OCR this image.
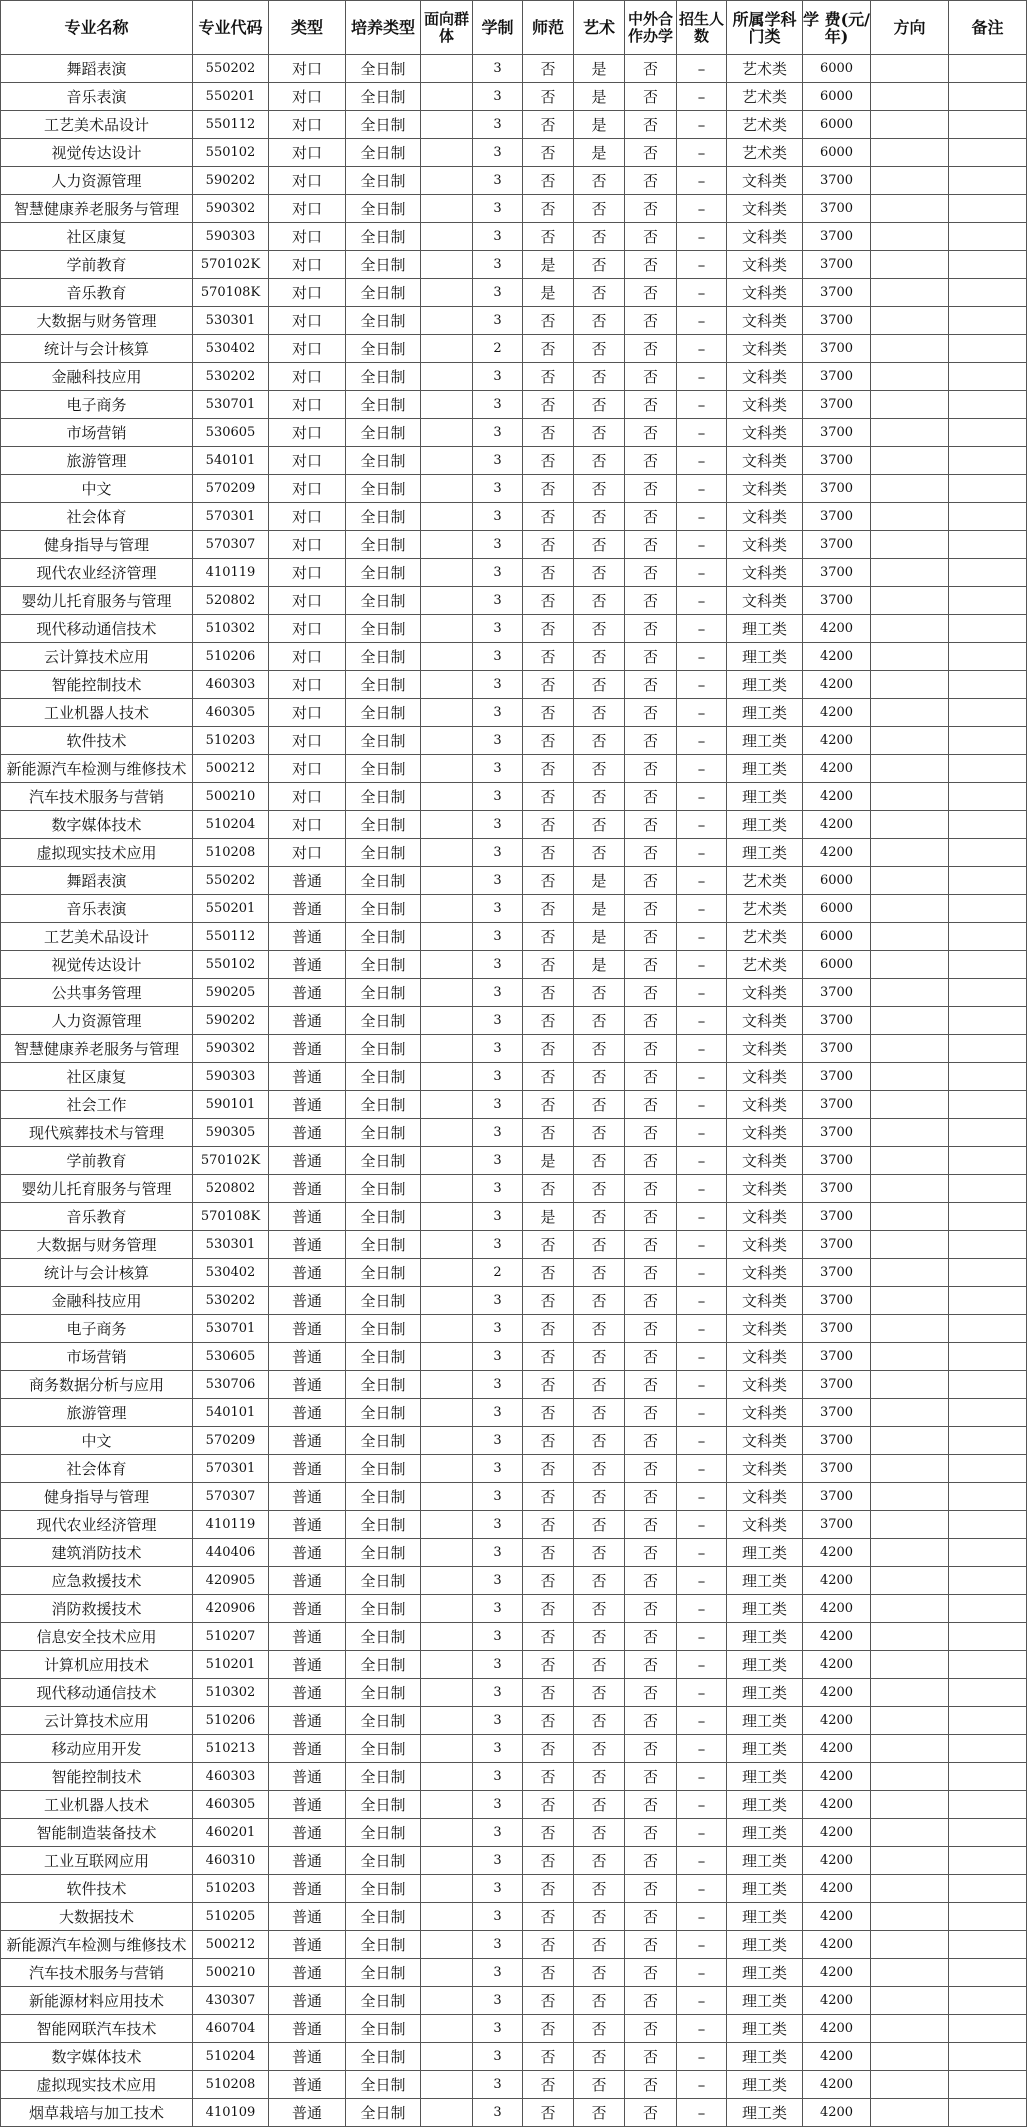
专业名称	专业代码	类型	培养类型	面向群体	学制	师范	艺术	中外合作办学	招生人数	所属学科门类	学 费(元/年)	方向	备注
舞蹈表演	550202	对口	全日制		3	否	是	否	–	艺术类	6000		
音乐表演	550201	对口	全日制		3	否	是	否	–	艺术类	6000		
工艺美术品设计	550112	对口	全日制		3	否	是	否	–	艺术类	6000		
视觉传达设计	550102	对口	全日制		3	否	是	否	–	艺术类	6000		
人力资源管理	590202	对口	全日制		3	否	否	否	–	文科类	3700		
智慧健康养老服务与管理	590302	对口	全日制		3	否	否	否	–	文科类	3700		
社区康复	590303	对口	全日制		3	否	否	否	–	文科类	3700		
学前教育	570102K	对口	全日制		3	是	否	否	–	文科类	3700		
音乐教育	570108K	对口	全日制		3	是	否	否	–	文科类	3700		
大数据与财务管理	530301	对口	全日制		3	否	否	否	–	文科类	3700		
统计与会计核算	530402	对口	全日制		2	否	否	否	–	文科类	3700		
金融科技应用	530202	对口	全日制		3	否	否	否	–	文科类	3700		
电子商务	530701	对口	全日制		3	否	否	否	–	文科类	3700		
市场营销	530605	对口	全日制		3	否	否	否	–	文科类	3700		
旅游管理	540101	对口	全日制		3	否	否	否	–	文科类	3700		
中文	570209	对口	全日制		3	否	否	否	–	文科类	3700		
社会体育	570301	对口	全日制		3	否	否	否	–	文科类	3700		
健身指导与管理	570307	对口	全日制		3	否	否	否	–	文科类	3700		
现代农业经济管理	410119	对口	全日制		3	否	否	否	–	文科类	3700		
婴幼儿托育服务与管理	520802	对口	全日制		3	否	否	否	–	文科类	3700		
现代移动通信技术	510302	对口	全日制		3	否	否	否	–	理工类	4200		
云计算技术应用	510206	对口	全日制		3	否	否	否	–	理工类	4200		
智能控制技术	460303	对口	全日制		3	否	否	否	–	理工类	4200		
工业机器人技术	460305	对口	全日制		3	否	否	否	–	理工类	4200		
软件技术	510203	对口	全日制		3	否	否	否	–	理工类	4200		
新能源汽车检测与维修技术	500212	对口	全日制		3	否	否	否	–	理工类	4200		
汽车技术服务与营销	500210	对口	全日制		3	否	否	否	–	理工类	4200		
数字媒体技术	510204	对口	全日制		3	否	否	否	–	理工类	4200		
虚拟现实技术应用	510208	对口	全日制		3	否	否	否	–	理工类	4200		
舞蹈表演	550202	普通	全日制		3	否	是	否	–	艺术类	6000		
音乐表演	550201	普通	全日制		3	否	是	否	–	艺术类	6000		
工艺美术品设计	550112	普通	全日制		3	否	是	否	–	艺术类	6000		
视觉传达设计	550102	普通	全日制		3	否	是	否	–	艺术类	6000		
公共事务管理	590205	普通	全日制		3	否	否	否	–	文科类	3700		
人力资源管理	590202	普通	全日制		3	否	否	否	–	文科类	3700		
智慧健康养老服务与管理	590302	普通	全日制		3	否	否	否	–	文科类	3700		
社区康复	590303	普通	全日制		3	否	否	否	–	文科类	3700		
社会工作	590101	普通	全日制		3	否	否	否	–	文科类	3700		
现代殡葬技术与管理	590305	普通	全日制		3	否	否	否	–	文科类	3700		
学前教育	570102K	普通	全日制		3	是	否	否	–	文科类	3700		
婴幼儿托育服务与管理	520802	普通	全日制		3	否	否	否	–	文科类	3700		
音乐教育	570108K	普通	全日制		3	是	否	否	–	文科类	3700		
大数据与财务管理	530301	普通	全日制		3	否	否	否	–	文科类	3700		
统计与会计核算	530402	普通	全日制		2	否	否	否	–	文科类	3700		
金融科技应用	530202	普通	全日制		3	否	否	否	–	文科类	3700		
电子商务	530701	普通	全日制		3	否	否	否	–	文科类	3700		
市场营销	530605	普通	全日制		3	否	否	否	–	文科类	3700		
商务数据分析与应用	530706	普通	全日制		3	否	否	否	–	文科类	3700		
旅游管理	540101	普通	全日制		3	否	否	否	–	文科类	3700		
中文	570209	普通	全日制		3	否	否	否	–	文科类	3700		
社会体育	570301	普通	全日制		3	否	否	否	–	文科类	3700		
健身指导与管理	570307	普通	全日制		3	否	否	否	–	文科类	3700		
现代农业经济管理	410119	普通	全日制		3	否	否	否	–	文科类	3700		
建筑消防技术	440406	普通	全日制		3	否	否	否	–	理工类	4200		
应急救援技术	420905	普通	全日制		3	否	否	否	–	理工类	4200		
消防救援技术	420906	普通	全日制		3	否	否	否	–	理工类	4200		
信息安全技术应用	510207	普通	全日制		3	否	否	否	–	理工类	4200		
计算机应用技术	510201	普通	全日制		3	否	否	否	–	理工类	4200		
现代移动通信技术	510302	普通	全日制		3	否	否	否	–	理工类	4200		
云计算技术应用	510206	普通	全日制		3	否	否	否	–	理工类	4200		
移动应用开发	510213	普通	全日制		3	否	否	否	–	理工类	4200		
智能控制技术	460303	普通	全日制		3	否	否	否	–	理工类	4200		
工业机器人技术	460305	普通	全日制		3	否	否	否	–	理工类	4200		
智能制造装备技术	460201	普通	全日制		3	否	否	否	–	理工类	4200		
工业互联网应用	460310	普通	全日制		3	否	否	否	–	理工类	4200		
软件技术	510203	普通	全日制		3	否	否	否	–	理工类	4200		
大数据技术	510205	普通	全日制		3	否	否	否	–	理工类	4200		
新能源汽车检测与维修技术	500212	普通	全日制		3	否	否	否	–	理工类	4200		
汽车技术服务与营销	500210	普通	全日制		3	否	否	否	–	理工类	4200		
新能源材料应用技术	430307	普通	全日制		3	否	否	否	–	理工类	4200		
智能网联汽车技术	460704	普通	全日制		3	否	否	否	–	理工类	4200		
数字媒体技术	510204	普通	全日制		3	否	否	否	–	理工类	4200		
虚拟现实技术应用	510208	普通	全日制		3	否	否	否	–	理工类	4200		
烟草栽培与加工技术	410109	普通	全日制		3	否	否	否	–	理工类	4200		
